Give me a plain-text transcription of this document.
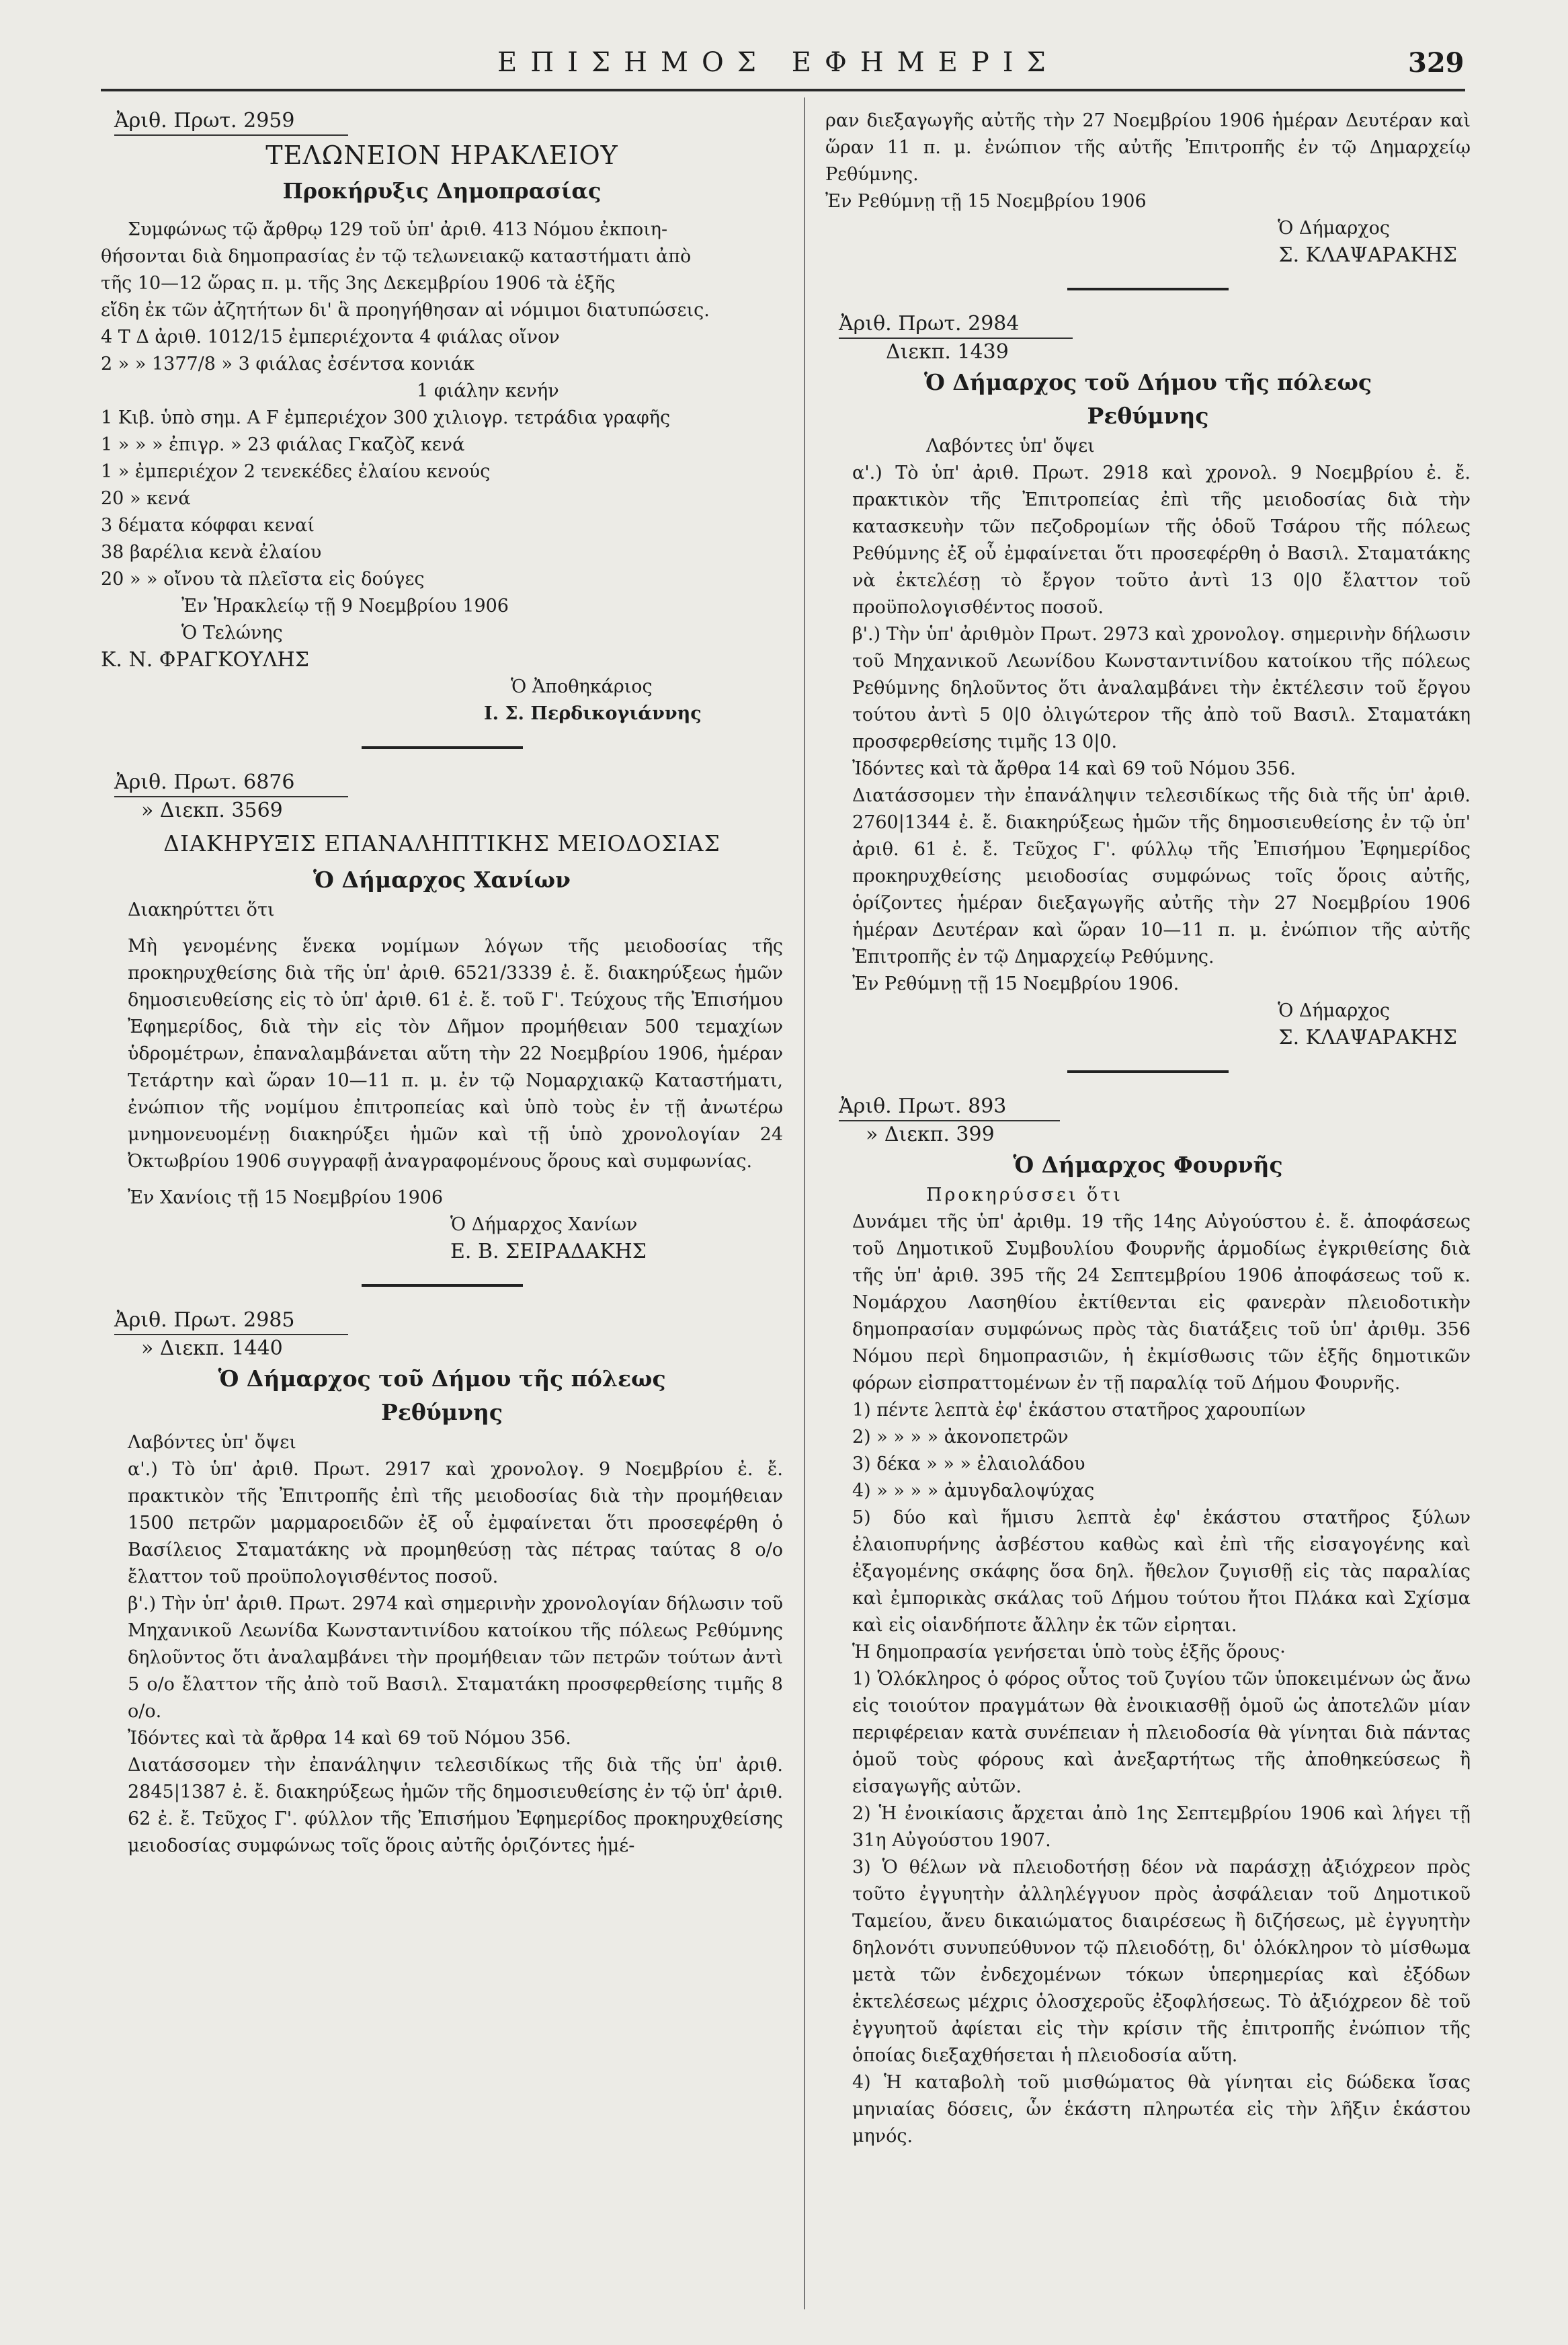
ΕΠΙΣΗΜΟΣ ΕΦΗΜΕΡΙΣ	329
Ἀριθ. Πρωτ. 2959
ΤΕΛΩΝΕΙΟΝ ΗΡΑΚΛΕΙΟΥ
Προκήρυξις Δημοπρασίας
Συμφώνως τῷ ἄρθρῳ 129 τοῦ ὑπ' ἀριθ. 413 Νόμου ἐκποιη-
θήσονται διὰ δημοπρασίας ἐν τῷ τελωνειακῷ καταστήματι ἀπὸ
τῆς 10—12 ὥρας π. μ. τῆς 3ης Δεκεμβρίου 1906 τὰ ἑξῆς
εἴδη ἐκ τῶν ἀζητήτων δι' ἃ προηγήθησαν αἱ νόμιμοι διατυπώσεις.
4 Τ Δ ἀριθ. 1012/15 ἐμπεριέχοντα 4 φιάλας οἴνον
2 » » 1377/8 » 3 φιάλας ἐσέντσα κονιάκ
1 φιάλην κενήν
1 Κιβ. ὑπὸ σημ. Α F ἐμπεριέχον 300 χιλιογρ. τετράδια γραφῆς
1 » » » ἐπιγρ. » 23 φιάλας Γκαζὸζ κενά
1 » ἐμπεριέχον 2 τενεκέδες ἐλαίου κενούς
20 » κενά
3 δέματα κόφφαι κεναί
38 βαρέλια κενὰ ἐλαίου
20 » » οἴνου τὰ πλεῖστα εἰς δούγες
Ἐν Ἡρακλείῳ τῇ 9 Νοεμβρίου 1906
Ὁ Τελώνης
Κ. Ν. ΦΡΑΓΚΟΥΛΗΣ
Ὁ Ἀποθηκάριος
Ι. Σ. Περδικογιάννης
Ἀριθ. Πρωτ. 6876
» Διεκπ. 3569
ΔΙΑΚΗΡΥΞΙΣ ΕΠΑΝΑΛΗΠΤΙΚΗΣ ΜΕΙΟΔΟΣΙΑΣ
Ὁ Δήμαρχος Χανίων
Διακηρύττει ὅτι
Μὴ γενομένης ἕνεκα νομίμων λόγων τῆς μειοδοσίας τῆς προκηρυχθείσης διὰ τῆς ὑπ' ἀριθ. 6521/3339 ἐ. ἔ. διακηρύξεως ἡμῶν δημοσιευθείσης εἰς τὸ ὑπ' ἀριθ. 61 ἐ. ἔ. τοῦ Γ'. Τεύχους τῆς Ἐπισήμου Ἐφημερίδος, διὰ τὴν εἰς τὸν Δῆμον προμήθειαν 500 τεμαχίων ὑδρομέτρων, ἐπαναλαμβάνεται αὕτη τὴν 22 Νοεμβρίου 1906, ἡμέραν Τετάρτην καὶ ὥραν 10—11 π. μ. ἐν τῷ Νομαρχιακῷ Καταστήματι, ἐνώπιον τῆς νομίμου ἐπιτροπείας καὶ ὑπὸ τοὺς ἐν τῇ ἀνωτέρω μνημονευομένῃ διακηρύξει ἡμῶν καὶ τῇ ὑπὸ χρονολογίαν 24 Ὀκτωβρίου 1906 συγγραφῇ ἀναγραφομένους ὅρους καὶ συμφωνίας.
Ἐν Χανίοις τῇ 15 Νοεμβρίου 1906
Ὁ Δήμαρχος Χανίων
Ε. Β. ΣΕΙΡΑΔΑΚΗΣ
Ἀριθ. Πρωτ. 2985
» Διεκπ. 1440
Ὁ Δήμαρχος τοῦ Δήμου τῆς πόλεως
Ρεθύμνης
Λαβόντες ὑπ' ὄψει
α'.) Τὸ ὑπ' ἀριθ. Πρωτ. 2917 καὶ χρονολογ. 9 Νοεμβρίου ἐ. ἔ. πρακτικὸν τῆς Ἐπιτροπῆς ἐπὶ τῆς μειοδοσίας διὰ τὴν προμήθειαν 1500 πετρῶν μαρμαροειδῶν ἐξ οὗ ἐμφαίνεται ὅτι προσεφέρθη ὁ Βασίλειος Σταματάκης νὰ προμηθεύσῃ τὰς πέτρας ταύτας 8 ο/ο ἔλαττον τοῦ προϋπολογισθέντος ποσοῦ.
β'.) Τὴν ὑπ' ἀριθ. Πρωτ. 2974 καὶ σημερινὴν χρονολογίαν δήλωσιν τοῦ Μηχανικοῦ Λεωνίδα Κωνσταντινίδου κατοίκου τῆς πόλεως Ρεθύμνης δηλοῦντος ὅτι ἀναλαμβάνει τὴν προμήθειαν τῶν πετρῶν τούτων ἀντὶ 5 ο/ο ἔλαττον τῆς ἀπὸ τοῦ Βασιλ. Σταματάκη προσφερθείσης τιμῆς 8 ο/ο.
Ἰδόντες καὶ τὰ ἄρθρα 14 καὶ 69 τοῦ Νόμου 356.
Διατάσσομεν τὴν ἐπανάληψιν τελεσιδίκως τῆς διὰ τῆς ὑπ' ἀριθ. 2845|1387 ἐ. ἔ. διακηρύξεως ἡμῶν τῆς δημοσιευθείσης ἐν τῷ ὑπ' ἀριθ. 62 ἐ. ἔ. Τεῦχος Γ'. φύλλον τῆς Ἐπισήμου Ἐφημερίδος προκηρυχθείσης μειοδοσίας συμφώνως τοῖς ὅροις αὐτῆς ὁριζόντες ἡμέ-
ραν διεξαγωγῆς αὐτῆς τὴν 27 Νοεμβρίου 1906 ἡμέραν Δευτέραν καὶ ὥραν 11 π. μ. ἐνώπιον τῆς αὐτῆς Ἐπιτροπῆς ἐν τῷ Δημαρχείῳ Ρεθύμνης.
Ἐν Ρεθύμνῃ τῇ 15 Νοεμβρίου 1906
Ὁ Δήμαρχος
Σ. ΚΛΑΨΑΡΑΚΗΣ
Ἀριθ. Πρωτ. 2984
Διεκπ. 1439
Ὁ Δήμαρχος τοῦ Δήμου τῆς πόλεως
Ρεθύμνης
Λαβόντες ὑπ' ὄψει
α'.) Τὸ ὑπ' ἀριθ. Πρωτ. 2918 καὶ χρονολ. 9 Νοεμβρίου ἐ. ἔ. πρακτικὸν τῆς Ἐπιτροπείας ἐπὶ τῆς μειοδοσίας διὰ τὴν κατασκευὴν τῶν πεζοδρομίων τῆς ὁδοῦ Τσάρου τῆς πόλεως Ρεθύμνης ἐξ οὗ ἐμφαίνεται ὅτι προσεφέρθη ὁ Βασιλ. Σταματάκης νὰ ἐκτελέσῃ τὸ ἔργον τοῦτο ἀντὶ 13 0|0 ἔλαττον τοῦ προϋπολογισθέντος ποσοῦ.
β'.) Τὴν ὑπ' ἀριθμὸν Πρωτ. 2973 καὶ χρονολογ. σημερινὴν δήλωσιν τοῦ Μηχανικοῦ Λεωνίδου Κωνσταντινίδου κατοίκου τῆς πόλεως Ρεθύμνης δηλοῦντος ὅτι ἀναλαμβάνει τὴν ἐκτέλεσιν τοῦ ἔργου τούτου ἀντὶ 5 0|0 ὀλιγώτερον τῆς ἀπὸ τοῦ Βασιλ. Σταματάκη προσφερθείσης τιμῆς 13 0|0.
Ἰδόντες καὶ τὰ ἄρθρα 14 καὶ 69 τοῦ Νόμου 356.
Διατάσσομεν τὴν ἐπανάληψιν τελεσιδίκως τῆς διὰ τῆς ὑπ' ἀριθ. 2760|1344 ἐ. ἔ. διακηρύξεως ἡμῶν τῆς δημοσιευθείσης ἐν τῷ ὑπ' ἀριθ. 61 ἐ. ἔ. Τεῦχος Γ'. φύλλῳ τῆς Ἐπισήμου Ἐφημερίδος προκηρυχθείσης μειοδοσίας συμφώνως τοῖς ὅροις αὐτῆς, ὁρίζοντες ἡμέραν διεξαγωγῆς αὐτῆς τὴν 27 Νοεμβρίου 1906 ἡμέραν Δευτέραν καὶ ὥραν 10—11 π. μ. ἐνώπιον τῆς αὐτῆς Ἐπιτροπῆς ἐν τῷ Δημαρχείῳ Ρεθύμνης.
Ἐν Ρεθύμνῃ τῇ 15 Νοεμβρίου 1906.
Ὁ Δήμαρχος
Σ. ΚΛΑΨΑΡΑΚΗΣ
Ἀριθ. Πρωτ. 893
» Διεκπ. 399
Ὁ Δήμαρχος Φουρνῆς
Προκηρύσσει ὅτι
Δυνάμει τῆς ὑπ' ἀριθμ. 19 τῆς 14ης Αὐγούστου ἐ. ἔ. ἀποφάσεως τοῦ Δημοτικοῦ Συμβουλίου Φουρνῆς ἁρμοδίως ἐγκριθείσης διὰ τῆς ὑπ' ἀριθ. 395 τῆς 24 Σεπτεμβρίου 1906 ἀποφάσεως τοῦ κ. Νομάρχου Λασηθίου ἐκτίθενται εἰς φανερὰν πλειοδοτικὴν δημοπρασίαν συμφώνως πρὸς τὰς διατάξεις τοῦ ὑπ' ἀριθμ. 356 Νόμου περὶ δημοπρασιῶν, ἡ ἐκμίσθωσις τῶν ἑξῆς δημοτικῶν φόρων εἰσπραττομένων ἐν τῇ παραλίᾳ τοῦ Δήμου Φουρνῆς.
1) πέντε λεπτὰ ἐφ' ἑκάστου στατῆρος χαρουπίων
2) » » » » ἀκονοπετρῶν
3) δέκα » » » ἐλαιολάδου
4) » » » » ἀμυγδαλοψύχας
5) δύο καὶ ἥμισυ λεπτὰ ἐφ' ἑκάστου στατῆρος ξύλων ἐλαιοπυρήνης ἀσβέστου καθὼς καὶ ἐπὶ τῆς εἰσαγογένης καὶ ἐξαγομένης σκάφης ὅσα δηλ. ἤθελον ζυγισθῇ εἰς τὰς παραλίας καὶ ἐμπορικὰς σκάλας τοῦ Δήμου τούτου ἤτοι Πλάκα καὶ Σχίσμα καὶ εἰς οἱανδήποτε ἄλλην ἐκ τῶν εἰρηται.
Ἡ δημοπρασία γενήσεται ὑπὸ τοὺς ἑξῆς ὅρους·
1) Ὁλόκληρος ὁ φόρος οὗτος τοῦ ζυγίου τῶν ὑποκειμένων ὡς ἄνω εἰς τοιούτον πραγμάτων θὰ ἐνοικιασθῇ ὁμοῦ ὡς ἀποτελῶν μίαν περιφέρειαν κατὰ συνέπειαν ἡ πλειοδοσία θὰ γίνηται διὰ πάντας ὁμοῦ τοὺς φόρους καὶ ἀνεξαρτήτως τῆς ἀποθηκεύσεως ἢ εἰσαγωγῆς αὐτῶν.
2) Ἡ ἐνοικίασις ἄρχεται ἀπὸ 1ης Σεπτεμβρίου 1906 καὶ λήγει τῇ 31η Αὐγούστου 1907.
3) Ὁ θέλων νὰ πλειοδοτήσῃ δέον νὰ παράσχῃ ἀξιόχρεον πρὸς τοῦτο ἐγγυητὴν ἀλληλέγγυον πρὸς ἀσφάλειαν τοῦ Δημοτικοῦ Ταμείου, ἄνευ δικαιώματος διαιρέσεως ἢ διζήσεως, μὲ ἐγγυητὴν δηλονότι συνυπεύθυνον τῷ πλειοδότῃ, δι' ὁλόκληρον τὸ μίσθωμα μετὰ τῶν ἐνδεχομένων τόκων ὑπερημερίας καὶ ἐξόδων ἐκτελέσεως μέχρις ὁλοσχεροῦς ἐξοφλήσεως. Τὸ ἀξιόχρεον δὲ τοῦ ἐγγυητοῦ ἀφίεται εἰς τὴν κρίσιν τῆς ἐπιτροπῆς ἐνώπιον τῆς ὁποίας διεξαχθήσεται ἡ πλειοδοσία αὕτη.
4) Ἡ καταβολὴ τοῦ μισθώματος θὰ γίνηται εἰς δώδεκα ἴσας μηνιαίας δόσεις, ὧν ἑκάστη πληρωτέα εἰς τὴν λῆξιν ἑκάστου μηνός.
